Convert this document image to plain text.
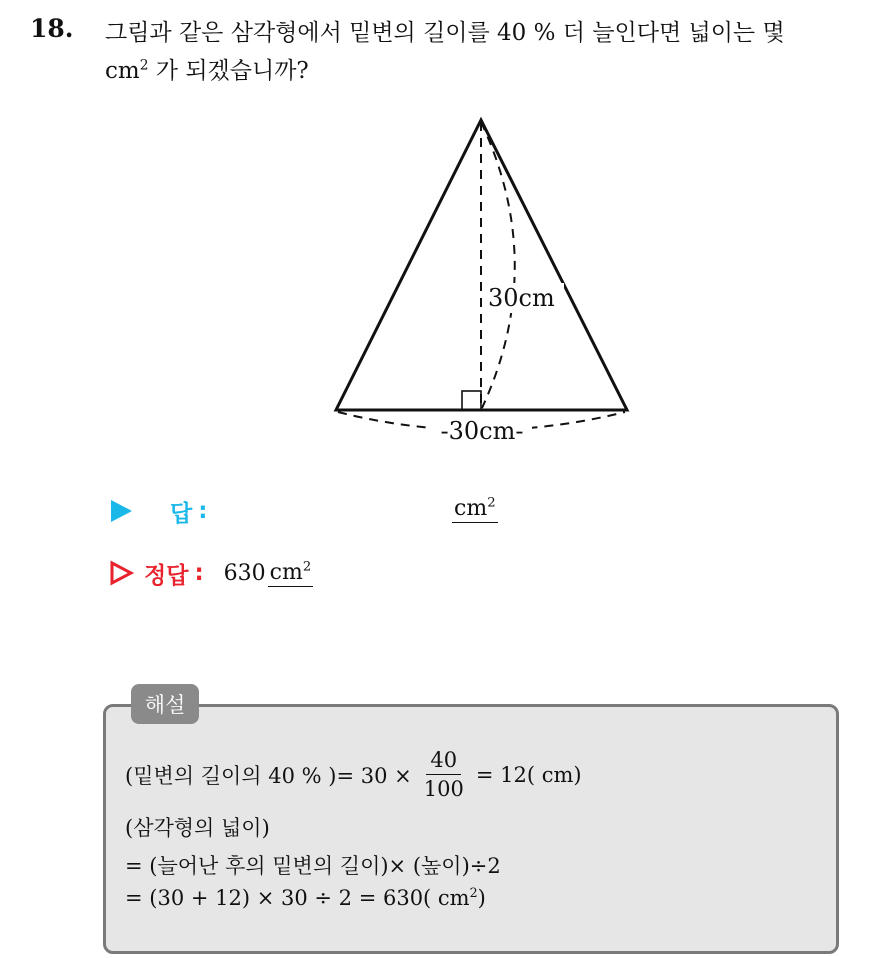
18. 그림과 같은 삼각형에서 밑변의 길이를 40 % 더 늘인다면 넓이는 몇
$cm^2$ 가 되겠습니까?
30cm
-30cm-
답 :	$cm^2$
정답 : 630 $cm^2$
해설
(밑변의 길이의 40 % )= $30 \times \frac{40}{100} = 12$( cm)
(삼각형의 넓이)
= (늘어난 후의 밑변의 길이)× (높이)÷2
= (30 + 12) × 30 ÷ 2 = 630( $cm^2$)
